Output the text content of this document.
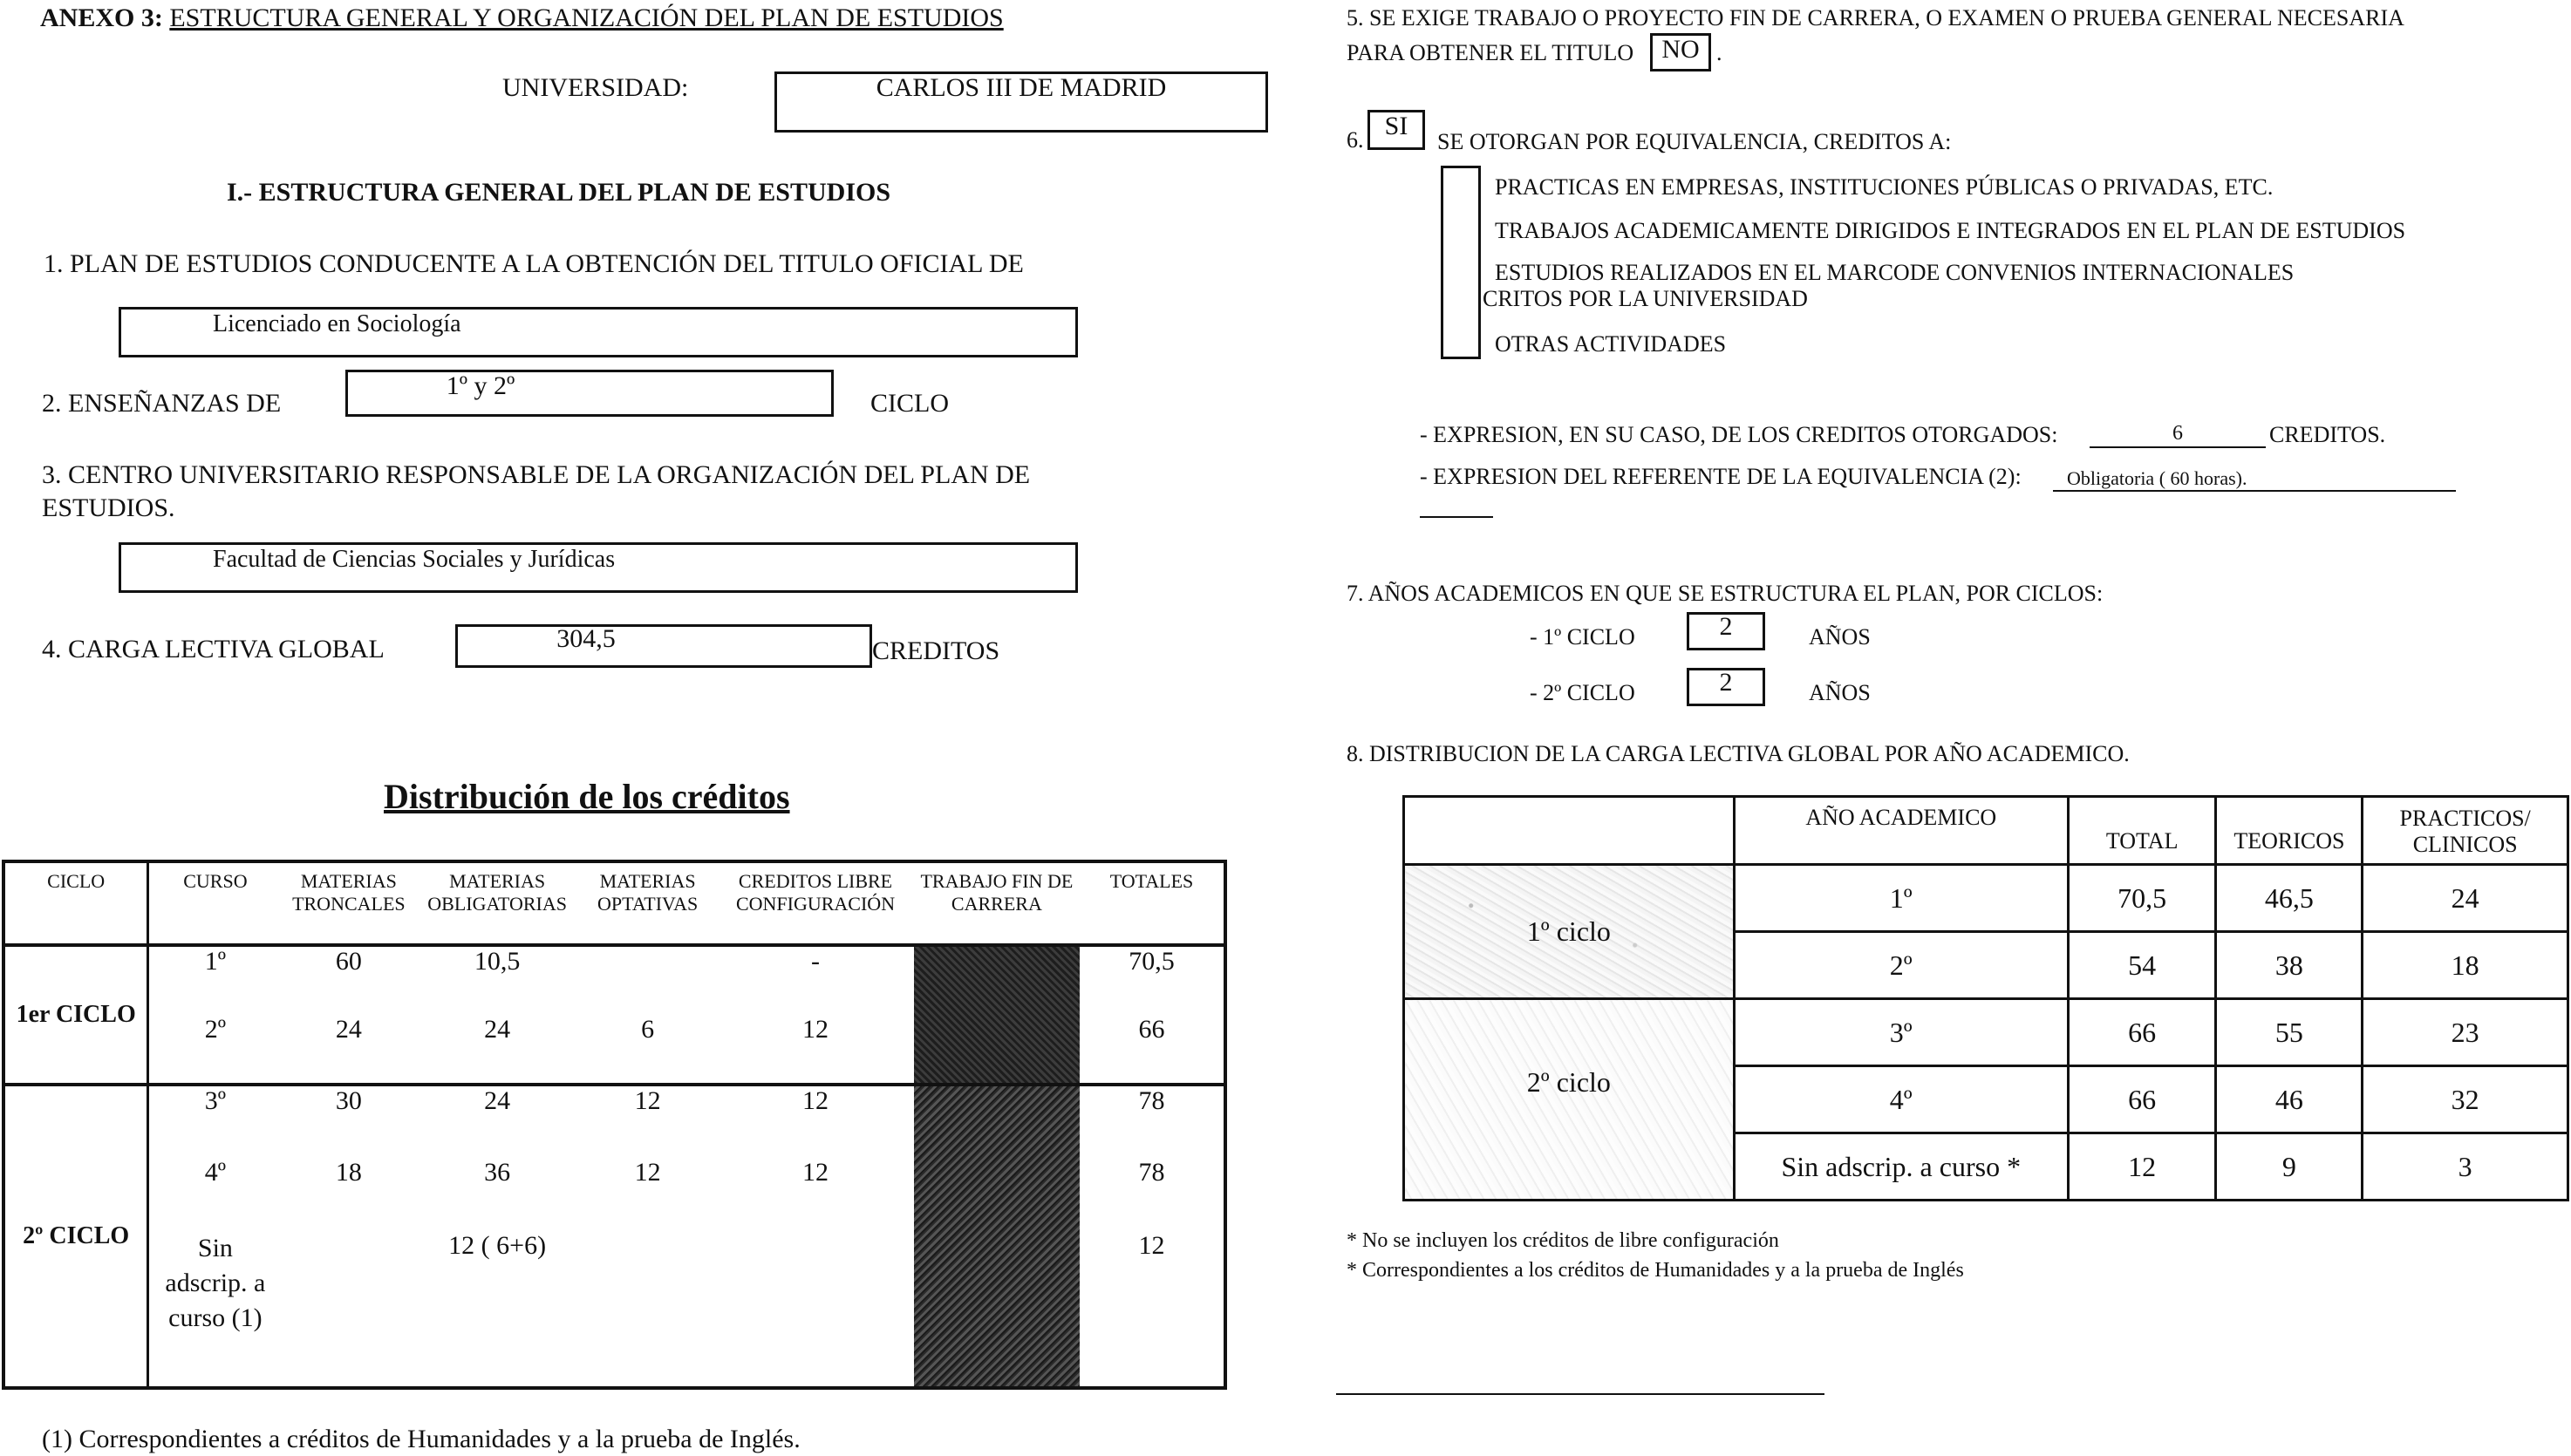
ANEXO 3: ESTRUCTURA GENERAL Y ORGANIZACIÓN DEL PLAN DE ESTUDIOS
UNIVERSIDAD:	CARLOS III DE MADRID
I.- ESTRUCTURA GENERAL DEL PLAN DE ESTUDIOS
1. PLAN DE ESTUDIOS CONDUCENTE A LA OBTENCIÓN DEL TITULO OFICIAL DE
Licenciado en Sociología
2. ENSEÑANZAS DE
1º y 2º
CICLO
3. CENTRO UNIVERSITARIO RESPONSABLE DE LA ORGANIZACIÓN DEL PLAN DE
ESTUDIOS.
Facultad de Ciencias Sociales y Jurídicas
4. CARGA LECTIVA GLOBAL	304,5	CREDITOS
Distribución de los créditos
CICLO	CURSO	MATERIAS TRONCALES	MATERIAS OBLIGATORIAS	MATERIAS OPTATIVAS	CREDITOS LIBRE CONFIGURACIÓN	TRABAJO FIN DE CARRERA	TOTALES
1er CICLO	1º	60	10,5		-		70,5
	2º	24	24	6	12		66
2º CICLO	3º	30	24	12	12		78
	4º	18	36	12	12		78
	Sin adscrip. a curso (1)		12 ( 6+6)				12
(1) Correspondientes a créditos de Humanidades y a la prueba de Inglés.
5. SE EXIGE TRABAJO O PROYECTO FIN DE CARRERA, O EXAMEN O PRUEBA GENERAL NECESARIA
PARA OBTENER EL TITULO	NO .
6. SI
SE OTORGAN POR EQUIVALENCIA, CREDITOS A:
PRACTICAS EN EMPRESAS, INSTITUCIONES PÚBLICAS O PRIVADAS, ETC.
TRABAJOS ACADEMICAMENTE DIRIGIDOS E INTEGRADOS EN EL PLAN DE ESTUDIOS
ESTUDIOS REALIZADOS EN EL MARCODE CONVENIOS INTERNACIONALES
CRITOS POR LA UNIVERSIDAD
OTRAS ACTIVIDADES
- EXPRESION, EN SU CASO, DE LOS CREDITOS OTORGADOS:	6	CREDITOS.
- EXPRESION DEL REFERENTE DE LA EQUIVALENCIA (2): Obligatoria ( 60 horas).
7. AÑOS ACADEMICOS EN QUE SE ESTRUCTURA EL PLAN, POR CICLOS:
- 1º CICLO	2	AÑOS
- 2º CICLO	2	AÑOS
8. DISTRIBUCION DE LA CARGA LECTIVA GLOBAL POR AÑO ACADEMICO.
	AÑO ACADEMICO	TOTAL	TEORICOS	PRACTICOS/ CLINICOS
1º ciclo	1º	70,5	46,5	24
	2º	54	38	18
2º ciclo	3º	66	55	23
	4º	66	46	32
	Sin adscrip. a curso *	12	9	3
* No se incluyen los créditos de libre configuración
* Correspondientes a los créditos de Humanidades y a la prueba de Inglés
